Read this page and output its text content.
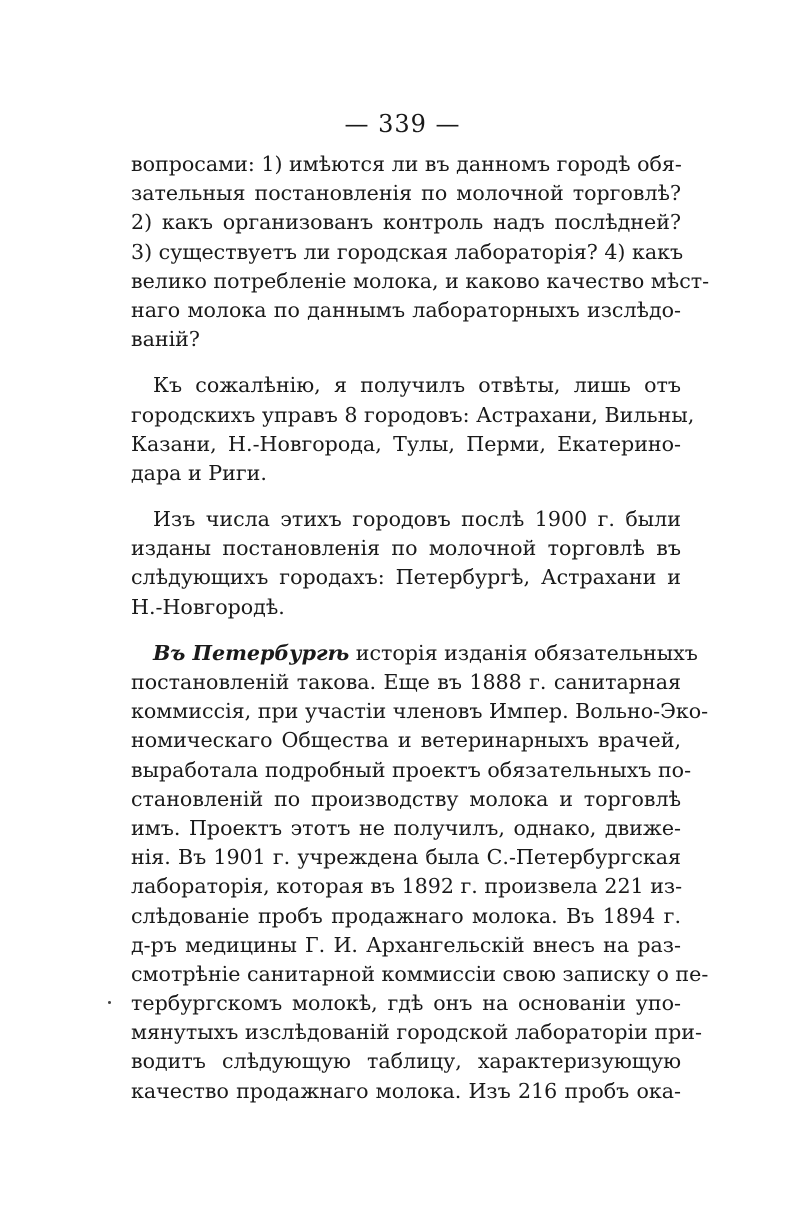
— 339 —
вопросами: 1) имѣются ли въ данномъ городѣ обя-
зательныя постановленія по молочной торговлѣ?
2) какъ организованъ контроль надъ послѣдней?
3) существуетъ ли городская лабораторія? 4) какъ
велико потребленіе молока, и каково качество мѣст-
наго молока по даннымъ лабораторныхъ изслѣдо-
ваній?
Къ сожалѣнію, я получилъ отвѣты, лишь отъ
городскихъ управъ 8 городовъ: Астрахани, Вильны,
Казани, Н.-Новгорода, Тулы, Перми, Екатерино-
дара и Риги.
Изъ числа этихъ городовъ послѣ 1900 г. были
изданы постановленія по молочной торговлѣ въ
слѣдующихъ городахъ: Петербургѣ, Астрахани и
Н.-Новгородѣ.
Въ Петербургѣ исторія изданія обязательныхъ
постановленій такова. Еще въ 1888 г. санитарная
коммиссія, при участіи членовъ Импер. Вольно-Эко-
номическаго Общества и ветеринарныхъ врачей,
выработала подробный проектъ обязательныхъ по-
становленій по производству молока и торговлѣ
имъ. Проектъ этотъ не получилъ, однако, движе-
нія. Въ 1901 г. учреждена была С.-Петербургская
лабораторія, которая въ 1892 г. произвела 221 из-
слѣдованіе пробъ продажнаго молока. Въ 1894 г.
д-ръ медицины Г. И. Архангельскій внесъ на раз-
смотрѣніе санитарной коммиссіи свою записку о пе-
тербургскомъ молокѣ, гдѣ онъ на основаніи упо-
мянутыхъ изслѣдованій городской лабораторіи при-
водитъ слѣдующую таблицу, характеризующую
качество продажнаго молока. Изъ 216 пробъ ока-
